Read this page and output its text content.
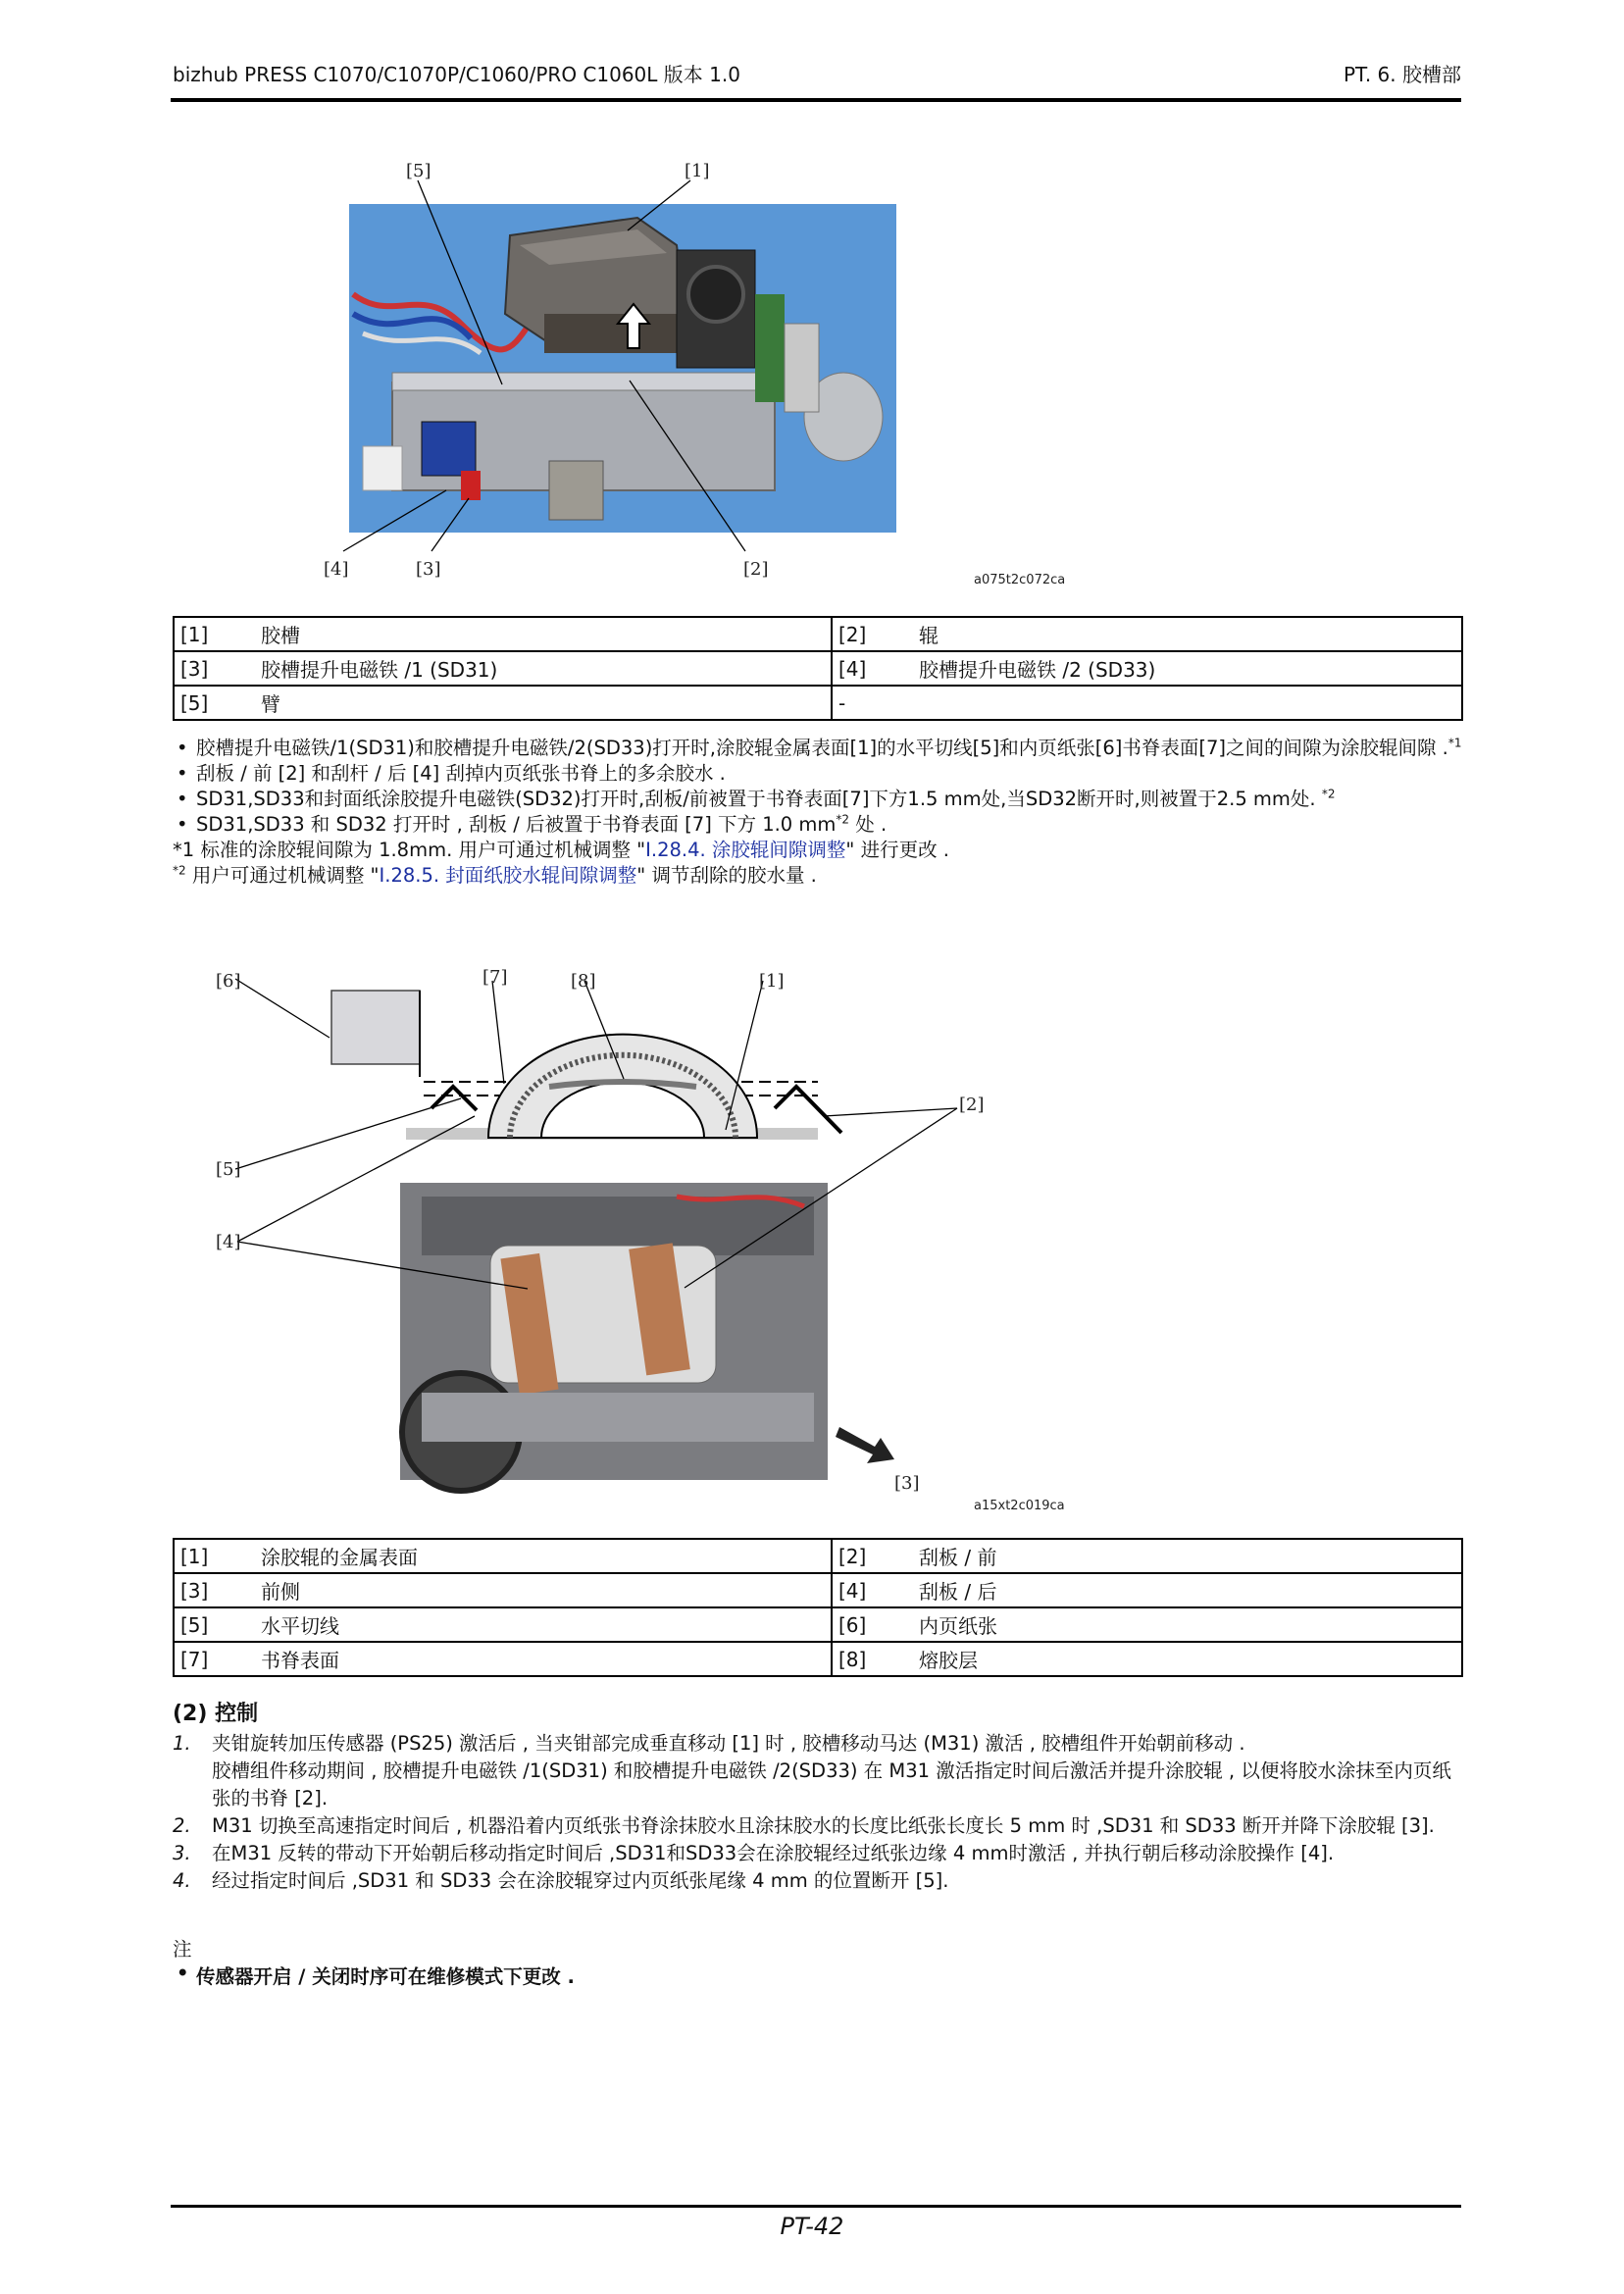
bizhub PRESS C1070/C1070P/C1060/PRO C1060L 版本 1.0	PT. 6. 胶槽部
[5]	[1]
[4]	[3]	[2]
a075t2c072ca
[1]	胶槽	[2]	辊
[3]	胶槽提升电磁铁 /1 (SD31)	[4]	胶槽提升电磁铁 /2 (SD33)
[5]	臂	-	
• 胶槽提升电磁铁/1(SD31)和胶槽提升电磁铁/2(SD33)打开时,涂胶辊金属表面[1]的水平切线[5]和内页纸张[6]书脊表面[7]之间的间隙为涂胶辊间隙 .$^{*1}$
• 刮板 / 前 [2] 和刮杆 / 后 [4] 刮掉内页纸张书脊上的多余胶水 .
• SD31,SD33和封面纸涂胶提升电磁铁(SD32)打开时,刮板/前被置于书脊表面[7]下方1.5 mm处,当SD32断开时,则被置于2.5 mm处. $^{*2}$
• SD31,SD33 和 SD32 打开时 , 刮板 / 后被置于书脊表面 [7] 下方 1.0 $mm^{*2}$ 处 .
*1 标准的涂胶辊间隙为 1.8mm. 用户可通过机械调整 "I.28.4. 涂胶辊间隙调整" 进行更改 .
$^{*2}$ 用户可通过机械调整 "I.28.5. 封面纸胶水辊间隙调整" 调节刮除的胶水量 .
[6]	[7]	[8]	[1]
[2]
[5]
[4]
[3]
a15xt2c019ca
[1]	涂胶辊的金属表面	[2]	刮板 / 前
[3]	前侧	[4]	刮板 / 后
[5]	水平切线	[6]	内页纸张
[7]	书脊表面	[8]	熔胶层
(2) 控制
1. 夹钳旋转加压传感器 (PS25) 激活后 , 当夹钳部完成垂直移动 [1] 时 , 胶槽移动马达 (M31) 激活 , 胶槽组件开始朝前移动 .
胶槽组件移动期间 , 胶槽提升电磁铁 /1(SD31) 和胶槽提升电磁铁 /2(SD33) 在 M31 激活指定时间后激活并提升涂胶辊 , 以便将胶水涂抹至内页纸张的书脊 [2].
2. M31 切换至高速指定时间后 , 机器沿着内页纸张书脊涂抹胶水且涂抹胶水的长度比纸张长度长 5 mm 时 ,SD31 和 SD33 断开并降下涂胶辊 [3].
3. 在M31 反转的带动下开始朝后移动指定时间后 ,SD31和SD33会在涂胶辊经过纸张边缘 4 mm时激活 , 并执行朝后移动涂胶操作 [4].
4. 经过指定时间后 ,SD31 和 SD33 会在涂胶辊穿过内页纸张尾缘 4 mm 的位置断开 [5].
注
• 传感器开启 / 关闭时序可在维修模式下更改 .
PT-42
